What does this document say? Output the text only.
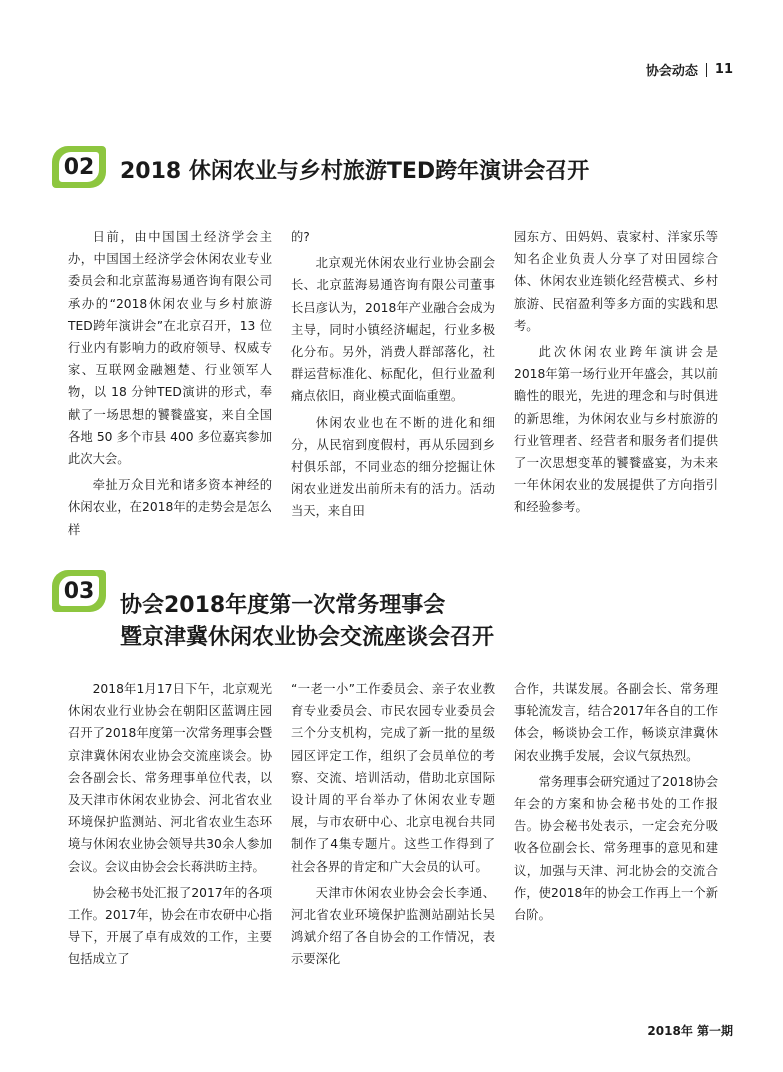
协会动态 11
02 2018 休闲农业与乡村旅游TED跨年演讲会召开

日前，由中国国土经济学会主办，中国国土经济学会休闲农业专业委员会和北京蓝海易通咨询有限公司承办的“2018休闲农业与乡村旅游TED跨年演讲会”在北京召开，13 位行业内有影响力的政府领导、权威专家、互联网金融翘楚、行业领军人物，以 18 分钟TED演讲的形式，奉献了一场思想的饕餮盛宴，来自全国各地 50 多个市县 400 多位嘉宾参加此次大会。

牵扯万众目光和诸多资本神经的休闲农业，在2018年的走势会是怎么样

的?

北京观光休闲农业行业协会副会长、北京蓝海易通咨询有限公司董事长吕彦认为，2018年产业融合会成为主导，同时小镇经济崛起，行业多极化分布。另外，消费人群部落化，社群运营标准化、标配化，但行业盈利痛点依旧，商业模式面临重塑。

休闲农业也在不断的进化和细分，从民宿到度假村，再从乐园到乡村俱乐部，不同业态的细分挖掘让休闲农业迸发出前所未有的活力。活动当天，来自田

园东方、田妈妈、袁家村、洋家乐等知名企业负责人分享了对田园综合体、休闲农业连锁化经营模式、乡村旅游、民宿盈利等多方面的实践和思考。

此次休闲农业跨年演讲会是 2018年第一场行业开年盛会，其以前瞻性的眼光，先进的理念和与时俱进的新思维，为休闲农业与乡村旅游的行业管理者、经营者和服务者们提供了一次思想变革的饕餮盛宴，为未来一年休闲农业的发展提供了方向指引和经验参考。

03
协会2018年度第一次常务理事会
暨京津冀休闲农业协会交流座谈会召开

2018年1月17日下午，北京观光休闲农业行业协会在朝阳区蓝调庄园召开了2018年度第一次常务理事会暨京津冀休闲农业协会交流座谈会。协会各副会长、常务理事单位代表，以及天津市休闲农业协会、河北省农业环境保护监测站、河北省农业生态环境与休闲农业协会领导共30余人参加会议。会议由协会会长蒋洪昉主持。

协会秘书处汇报了2017年的各项工作。2017年，协会在市农研中心指导下，开展了卓有成效的工作，主要包括成立了

“一老一小”工作委员会、亲子农业教育专业委员会、市民农园专业委员会三个分支机构，完成了新一批的星级园区评定工作，组织了会员单位的考察、交流、培训活动，借助北京国际设计周的平台举办了休闲农业专题展，与市农研中心、北京电视台共同制作了4集专题片。这些工作得到了社会各界的肯定和广大会员的认可。

天津市休闲农业协会会长李通、河北省农业环境保护监测站副站长吴鸿斌介绍了各自协会的工作情况，表示要深化

合作，共谋发展。各副会长、常务理事轮流发言，结合2017年各自的工作体会，畅谈协会工作，畅谈京津冀休闲农业携手发展，会议气氛热烈。

常务理事会研究通过了2018协会年会的方案和协会秘书处的工作报告。协会秘书处表示，一定会充分吸收各位副会长、常务理事的意见和建议，加强与天津、河北协会的交流合作，使2018年的协会工作再上一个新台阶。

2018年 第一期
